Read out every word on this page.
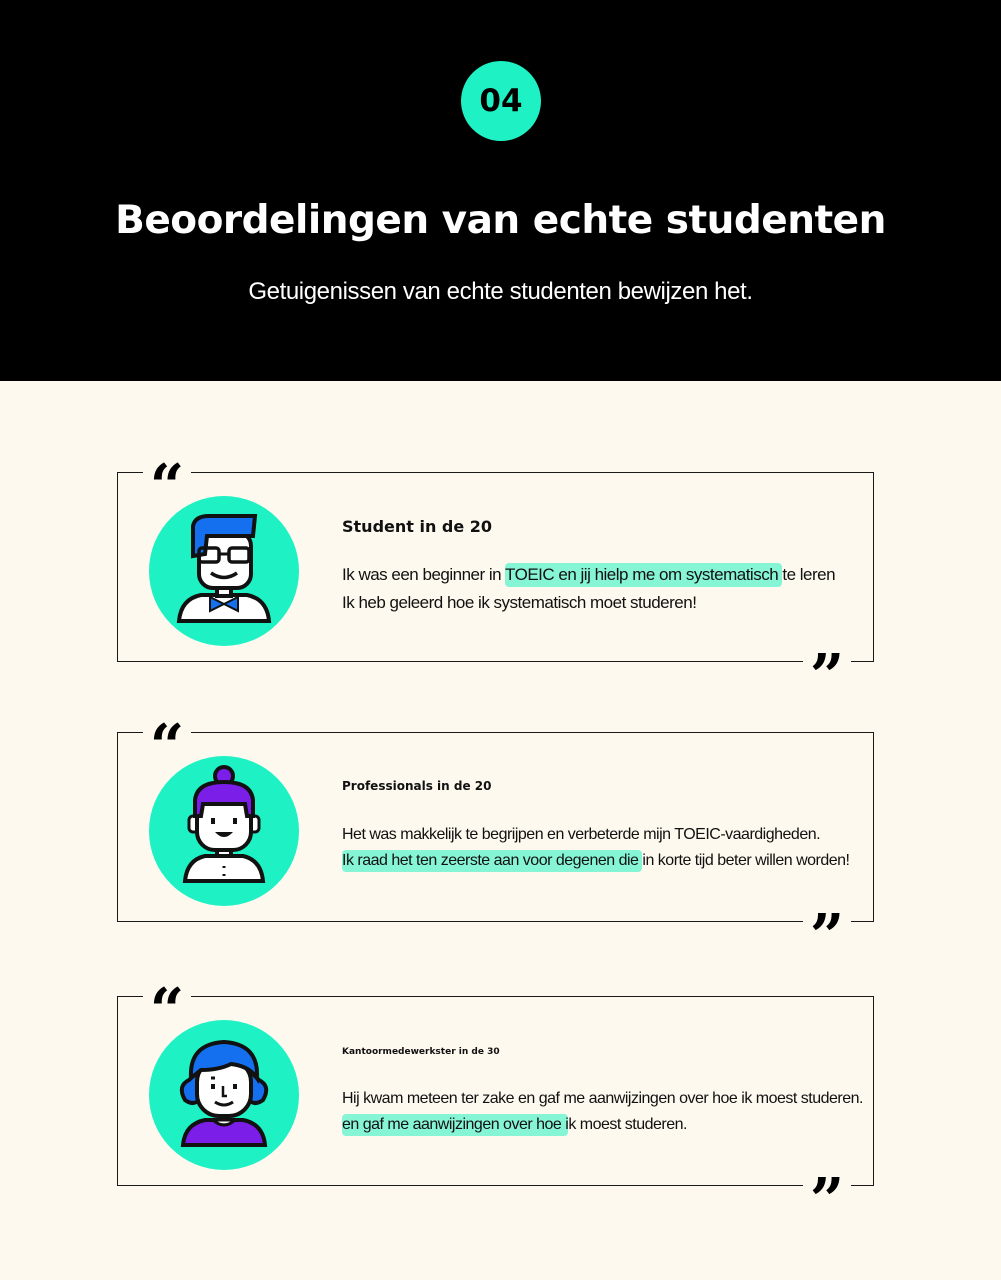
04
Beoordelingen van echte studenten
Getuigenissen van echte studenten bewijzen het.
“
Student in de 20
Ik was een beginner in TOEIC en jij hielp me om systematisch te leren
Ik heb geleerd hoe ik systematisch moet studeren!
”
“
Professionals in de 20
Het was makkelijk te begrijpen en verbeterde mijn TOEIC-vaardigheden.
Ik raad het ten zeerste aan voor degenen die in korte tijd beter willen worden!
”
“
Kantoormedewerkster in de 30
Hij kwam meteen ter zake en gaf me aanwijzingen over hoe ik moest studeren.
en gaf me aanwijzingen over hoe ik moest studeren.
”
